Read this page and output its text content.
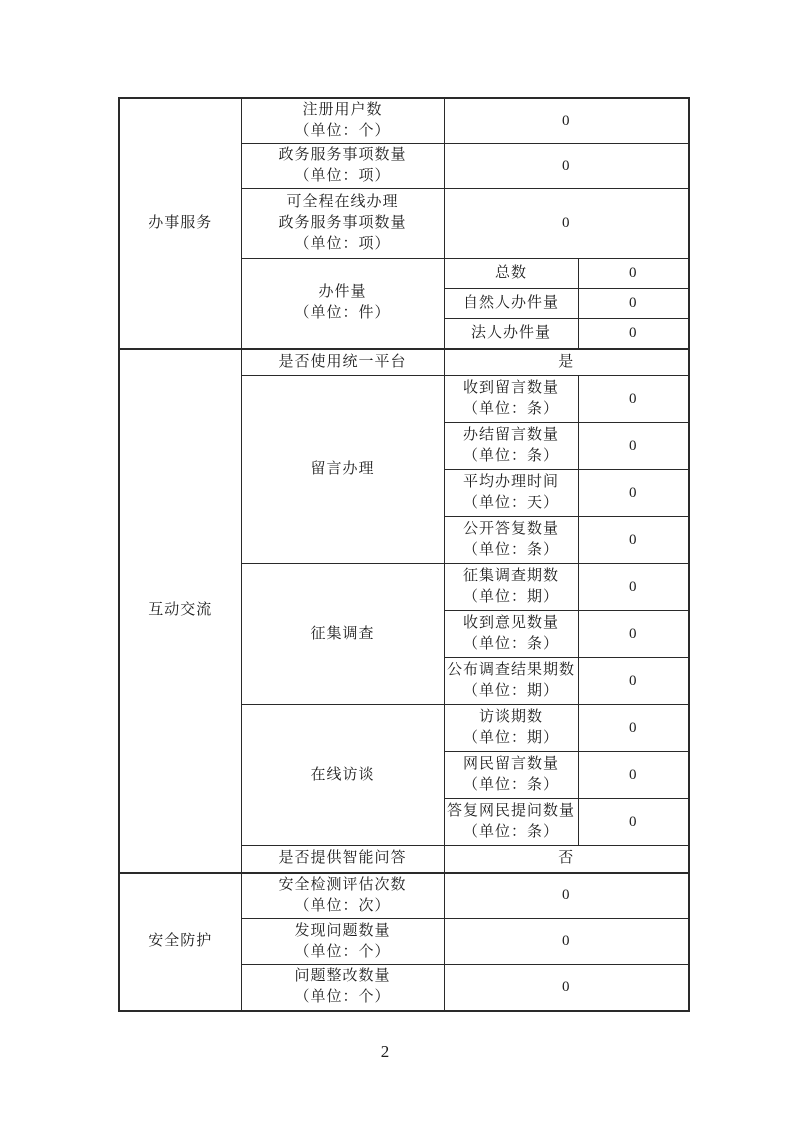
办事服务	注册用户数
（单位：个）	0	

	政务服务事项数量
（单位：项）	0	

	可全程在线办理
政务服务事项数量
（单位：项）	0	

	办件量
（单位：件）	总数	0

		自然人办件量	0

		法人办件量	0

互动交流	是否使用统一平台	是	

	留言办理	收到留言数量
（单位：条）	0

		办结留言数量
（单位：条）	0

		平均办理时间
（单位：天）	0

		公开答复数量
（单位：条）	0

	征集调查	征集调查期数
（单位：期）	0

		收到意见数量
（单位：条）	0

		公布调查结果期数
（单位：期）	0

	在线访谈	访谈期数
（单位：期）	0

		网民留言数量
（单位：条）	0

		答复网民提问数量
（单位：条）	0

	是否提供智能问答	否	

安全防护	安全检测评估次数
（单位：次）	0	

	发现问题数量
（单位：个）	0	

	问题整改数量
（单位：个）	0	
2
